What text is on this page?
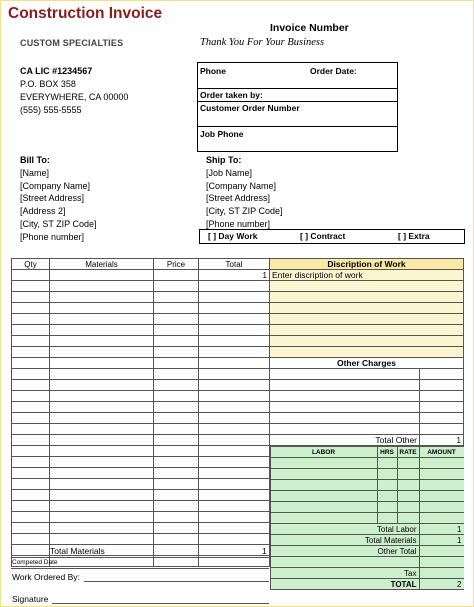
Construction Invoice
CUSTOM SPECIALTIES
Invoice Number
Thank You For Your Business
CA LIC #1234567
P.O. BOX 358
EVERYWHERE, CA 00000
(555) 555-5555
Phone	Order Date:
Order taken by:
Customer Order Number
Job Phone
Bill To:
[Name]
[Company Name]
[Street Address]
[Address 2]
[City, ST ZIP Code]
[Phone number]
Ship To:
[Job Name]
[Company Name]
[Street Address]
[City, ST ZIP Code]
[Phone number]
[ ] Day Work	[ ] Contract	[ ] Extra
Qty	Materials	Price	Total
			1

Discription of Work
Enter discription of work

Other Charges

Total Other	1

LABOR	HRS	RATE	AMOUNT

Total Labor	1
Total Materials	1
Other Total	

Tax	
TOTAL	2
Total Materials	1
Competed Date
Work Ordered By:
Signature
